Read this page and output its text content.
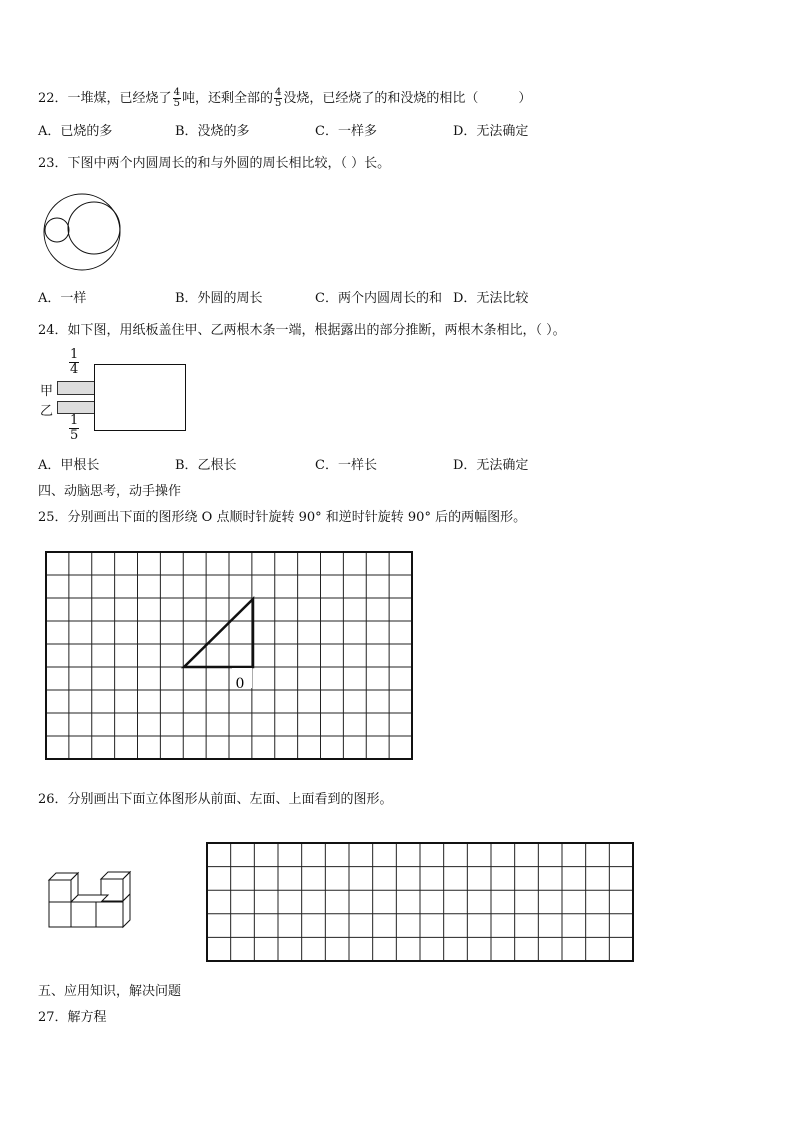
22．一堆煤，已经烧了 $\frac{4}{5}$ 吨，还剩全部的 $\frac{4}{5}$ 没烧，已经烧了的和没烧的相比（	）
A．已烧的多	B．没烧的多	C．一样多	D．无法确定
23．下图中两个内圆周长的和与外圆的周长相比较，（ ）长。
A．一样	B．外圆的周长	C．两个内圆周长的和 D．无法比较
24．如下图，用纸板盖住甲、乙两根木条一端，根据露出的部分推断，两根木条相比，（ ）。
$\frac{1}{4}$
甲
乙
$\frac{1}{5}$
A．甲根长	B．乙根长	C．一样长	D．无法确定
四、动脑思考，动手操作
25．分别画出下面的图形绕 O 点顺时针旋转 90° 和逆时针旋转 90° 后的两幅图形。
0
26．分别画出下面立体图形从前面、左面、上面看到的图形。
五、应用知识，解决问题
27．解方程
